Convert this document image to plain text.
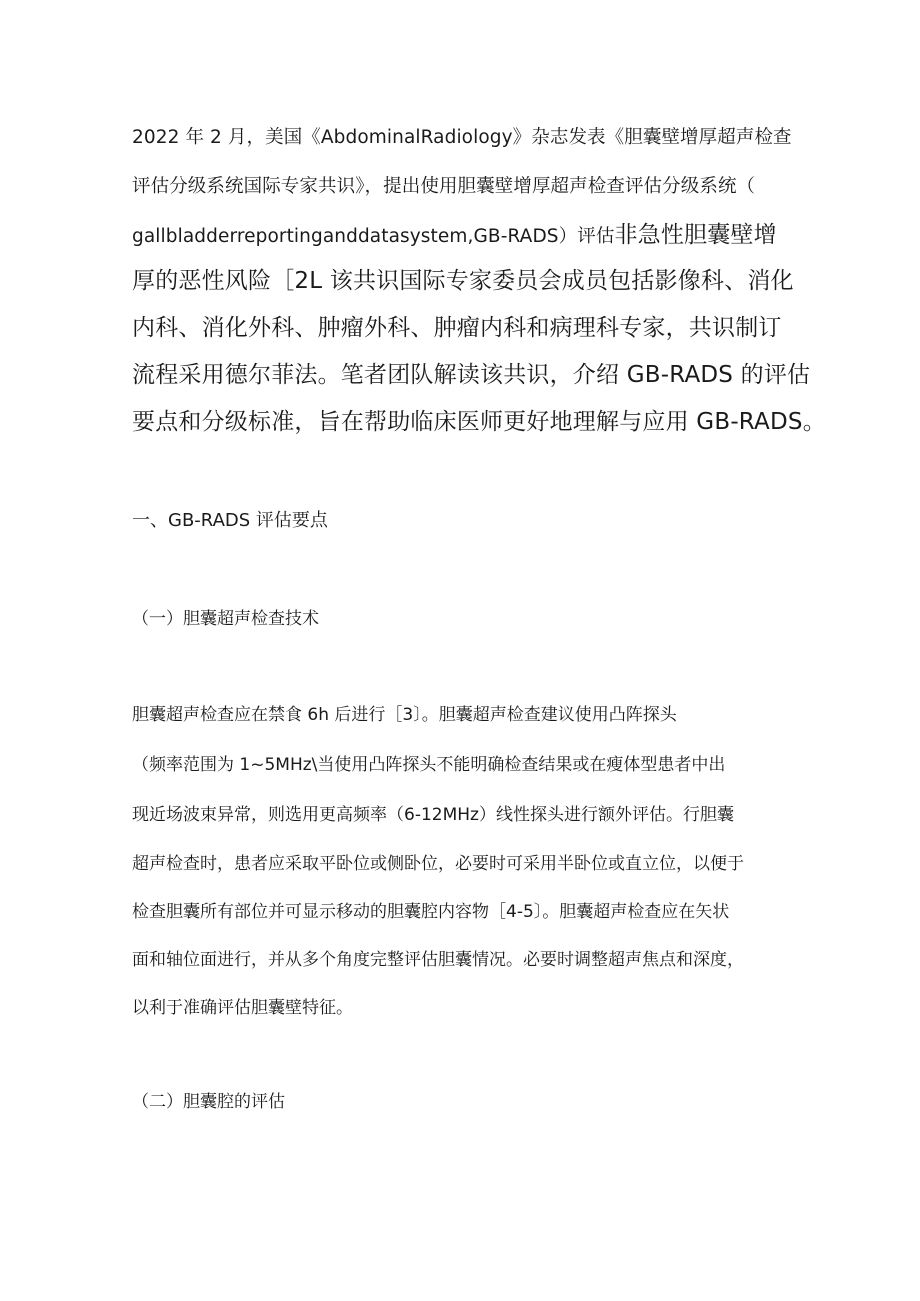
2022 年 2 月，美国《AbdominalRadiology》杂志发表《胆囊壁增厚超声检查

评估分级系统国际专家共识》，提出使用胆囊壁增厚超声检查评估分级系统（

gallbladderreportinganddatasystem,GB-RADS）评估非急性胆囊壁增

厚的恶性风险［2L 该共识国际专家委员会成员包括影像科、消化

内科、消化外科、肿瘤外科、肿瘤内科和病理科专家，共识制订

流程采用德尔菲法。笔者团队解读该共识，介绍 GB-RADS 的评估

要点和分级标准，旨在帮助临床医师更好地理解与应用 GB-RADS。

一、GB-RADS 评估要点

（一）胆囊超声检查技术

胆囊超声检查应在禁食 6h 后进行［3〕。胆囊超声检查建议使用凸阵探头

（频率范围为 1~5MHz\当使用凸阵探头不能明确检查结果或在瘦体型患者中出

现近场波束异常，则选用更高频率（6-12MHz）线性探头进行额外评估。行胆囊

超声检查时，患者应采取平卧位或侧卧位，必要时可采用半卧位或直立位，以便于

检查胆囊所有部位并可显示移动的胆囊腔内容物［4-5〕。胆囊超声检查应在矢状

面和轴位面进行，并从多个角度完整评估胆囊情况。必要时调整超声焦点和深度，

以利于准确评估胆囊壁特征。

（二）胆囊腔的评估
